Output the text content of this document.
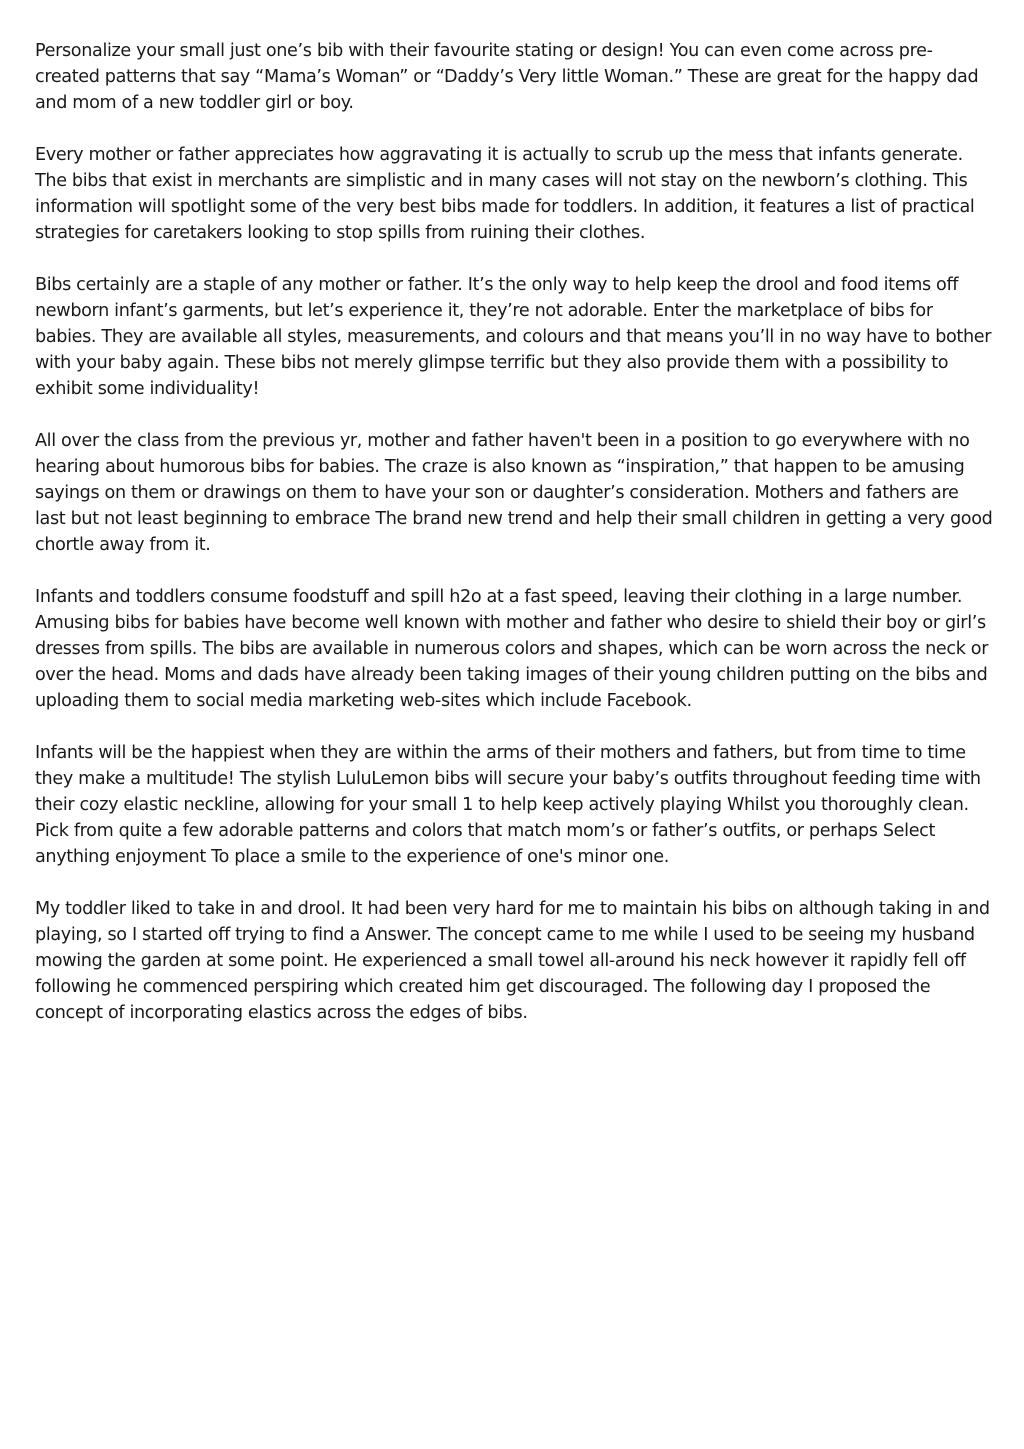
Personalize your small just one’s bib with their favourite stating or design! You can even come across pre-created patterns that say “Mama’s Woman” or “Daddy’s Very little Woman.” These are great for the happy dad and mom of a new toddler girl or boy.

Every mother or father appreciates how aggravating it is actually to scrub up the mess that infants generate. The bibs that exist in merchants are simplistic and in many cases will not stay on the newborn’s clothing. This information will spotlight some of the very best bibs made for toddlers. In addition, it features a list of practical strategies for caretakers looking to stop spills from ruining their clothes.

Bibs certainly are a staple of any mother or father. It’s the only way to help keep the drool and food items off newborn infant’s garments, but let’s experience it, they’re not adorable. Enter the marketplace of bibs for babies. They are available all styles, measurements, and colours and that means you’ll in no way have to bother with your baby again. These bibs not merely glimpse terrific but they also provide them with a possibility to exhibit some individuality!

All over the class from the previous yr, mother and father haven't been in a position to go everywhere with no hearing about humorous bibs for babies. The craze is also known as “inspiration,” that happen to be amusing sayings on them or drawings on them to have your son or daughter’s consideration. Mothers and fathers are last but not least beginning to embrace The brand new trend and help their small children in getting a very good chortle away from it.

Infants and toddlers consume foodstuff and spill h2o at a fast speed, leaving their clothing in a large number. Amusing bibs for babies have become well known with mother and father who desire to shield their boy or girl’s dresses from spills. The bibs are available in numerous colors and shapes, which can be worn across the neck or over the head. Moms and dads have already been taking images of their young children putting on the bibs and uploading them to social media marketing web-sites which include Facebook.

Infants will be the happiest when they are within the arms of their mothers and fathers, but from time to time they make a multitude! The stylish LuluLemon bibs will secure your baby’s outfits throughout feeding time with their cozy elastic neckline, allowing for your small 1 to help keep actively playing Whilst you thoroughly clean. Pick from quite a few adorable patterns and colors that match mom’s or father’s outfits, or perhaps Select anything enjoyment To place a smile to the experience of one's minor one.

My toddler liked to take in and drool. It had been very hard for me to maintain his bibs on although taking in and playing, so I started off trying to find a Answer. The concept came to me while I used to be seeing my husband mowing the garden at some point. He experienced a small towel all-around his neck however it rapidly fell off following he commenced perspiring which created him get discouraged. The following day I proposed the concept of incorporating elastics across the edges of bibs.
